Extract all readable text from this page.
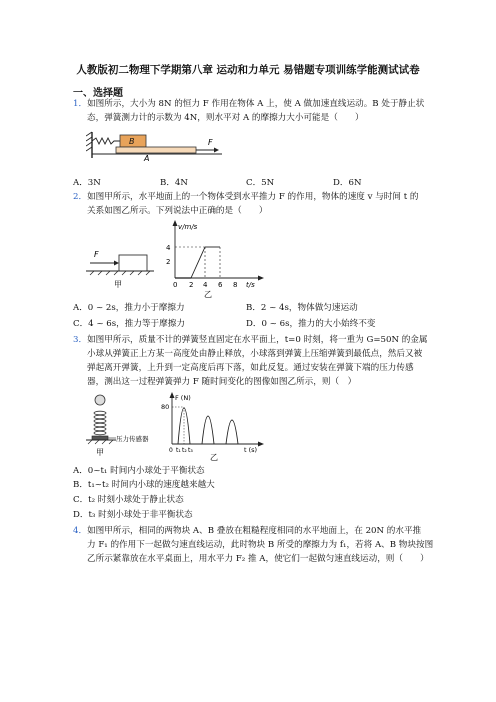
人教版初二物理下学期第八章 运动和力单元 易错题专项训练学能测试试卷
一、选择题
1．如图所示，大小为 8N 的恒力 F 作用在物体 A 上，使 A 做加速直线运动。B 处于静止状
态，弹簧测力计的示数为 4N，则水平对 A 的摩擦力大小可能是（　　）
B
A
F
A．3N	B．4N	C．5N	D．6N
2．如图甲所示，水平地面上的一个物体受到水平推力 F 的作用，物体的速度 v 与时间 t 的
关系如图乙所示。下列说法中正确的是（　　）
F
甲
v/m/s
4
2
0 2 4 6 8 t/s
乙
A．0 ~ 2s，推力小于摩擦力	B．2 ~ 4s，物体做匀速运动
C．4 ~ 6s，推力等于摩擦力	D．0 ~ 6s，推力的大小始终不变
3．如图甲所示，质量不计的弹簧竖直固定在水平面上，t=0 时刻，将一重为 G=50N 的金属
小球从弹簧正上方某一高度处由静止释放，小球落到弹簧上压缩弹簧到最低点，然后又被
弹起离开弹簧，上升到一定高度后再下落，如此反复。通过安装在弹簧下端的压力传感
器，测出这一过程弹簧弹力 F 随时间变化的图像如图乙所示，则（　）
压力传感器
甲
F (N)
80
0 t₁ t₂ t₃	t (s)
乙
A．0~t₁ 时间内小球处于平衡状态
B．t₁~t₂ 时间内小球的速度越来越大
C．t₂ 时刻小球处于静止状态
D．t₃ 时刻小球处于非平衡状态
4．如图甲所示，相同的两物块 A、B 叠放在粗糙程度相同的水平地面上，在 20N 的水平推
力 F₁ 的作用下一起做匀速直线运动，此时物块 B 所受的摩擦力为 f₁，若将 A、B 物块按图
乙所示紧靠放在水平桌面上，用水平力 F₂ 推 A，使它们一起做匀速直线运动，则（　　）
